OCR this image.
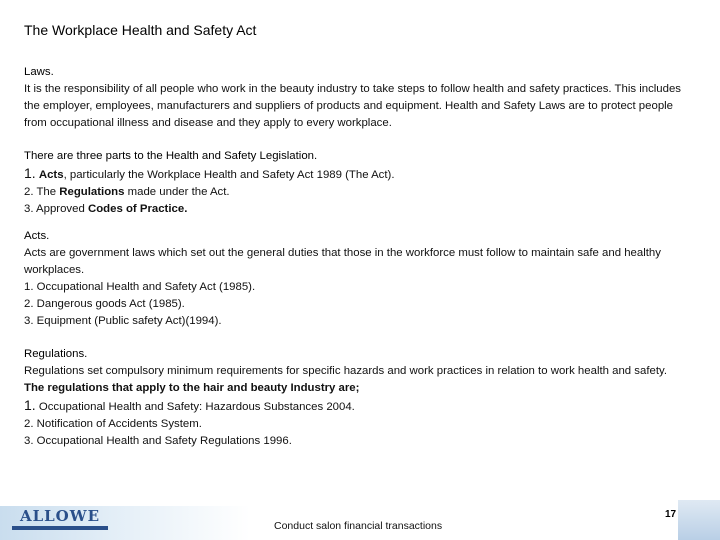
The Workplace Health and Safety Act

Laws.

It is the responsibility of all people who work in the beauty industry to take steps to follow health and safety practices. This includes the employer, employees, manufacturers and suppliers of products and equipment. Health and Safety Laws are to protect people from occupational illness and disease and they apply to every workplace.

There are three parts to the Health and Safety Legislation.

1. Acts, particularly the Workplace Health and Safety Act 1989 (The Act).

2. The Regulations made under the Act.

3. Approved Codes of Practice.

Acts.

Acts are government laws which set out the general duties that those in the workforce must follow to maintain safe and healthy workplaces.

1. Occupational Health and Safety Act (1985).

2. Dangerous goods Act (1985).

3. Equipment (Public safety Act)(1994).

Regulations.

Regulations set compulsory minimum requirements for specific hazards and work practices in relation to work health and safety.

The regulations that apply to the hair and beauty Industry are;

1. Occupational Health and Safety: Hazardous Substances 2004.

2. Notification of Accidents System.

3. Occupational Health and Safety Regulations 1996.

ALLOWE
Conduct salon financial transactions
17
